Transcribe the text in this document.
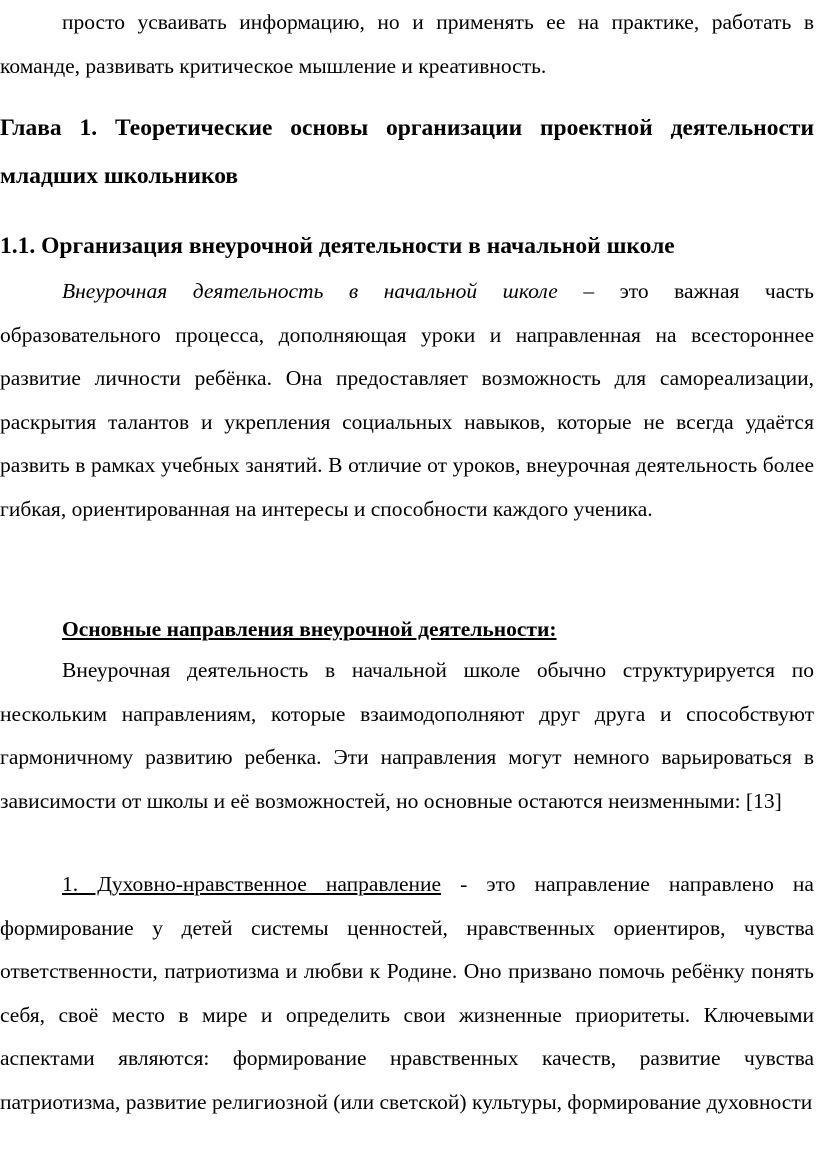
просто усваивать информацию, но и применять ее на практике, работать в команде, развивать критическое мышление и креативность.

Глава 1. Теоретические основы организации проектной деятельности младших школьников
1.1. Организация внеурочной деятельности в начальной школе

Внеурочная деятельность в начальной школе – это важная часть образовательного процесса, дополняющая уроки и направленная на всестороннее развитие личности ребёнка. Она предоставляет возможность для самореализации, раскрытия талантов и укрепления социальных навыков, которые не всегда удаётся развить в рамках учебных занятий. В отличие от уроков, внеурочная деятельность более гибкая, ориентированная на интересы и способности каждого ученика.

Основные направления внеурочной деятельности:

Внеурочная деятельность в начальной школе обычно структурируется по нескольким направлениям, которые взаимодополняют друг друга и способствуют гармоничному развитию ребенка. Эти направления могут немного варьироваться в зависимости от школы и её возможностей, но основные остаются неизменными: [13]

1. Духовно-нравственное направление - это направление направлено на формирование у детей системы ценностей, нравственных ориентиров, чувства ответственности, патриотизма и любви к Родине. Оно призвано помочь ребёнку понять себя, своё место в мире и определить свои жизненные приоритеты. Ключевыми аспектами являются: формирование нравственных качеств, развитие чувства патриотизма, развитие религиозной (или светской) культуры, формирование духовности
